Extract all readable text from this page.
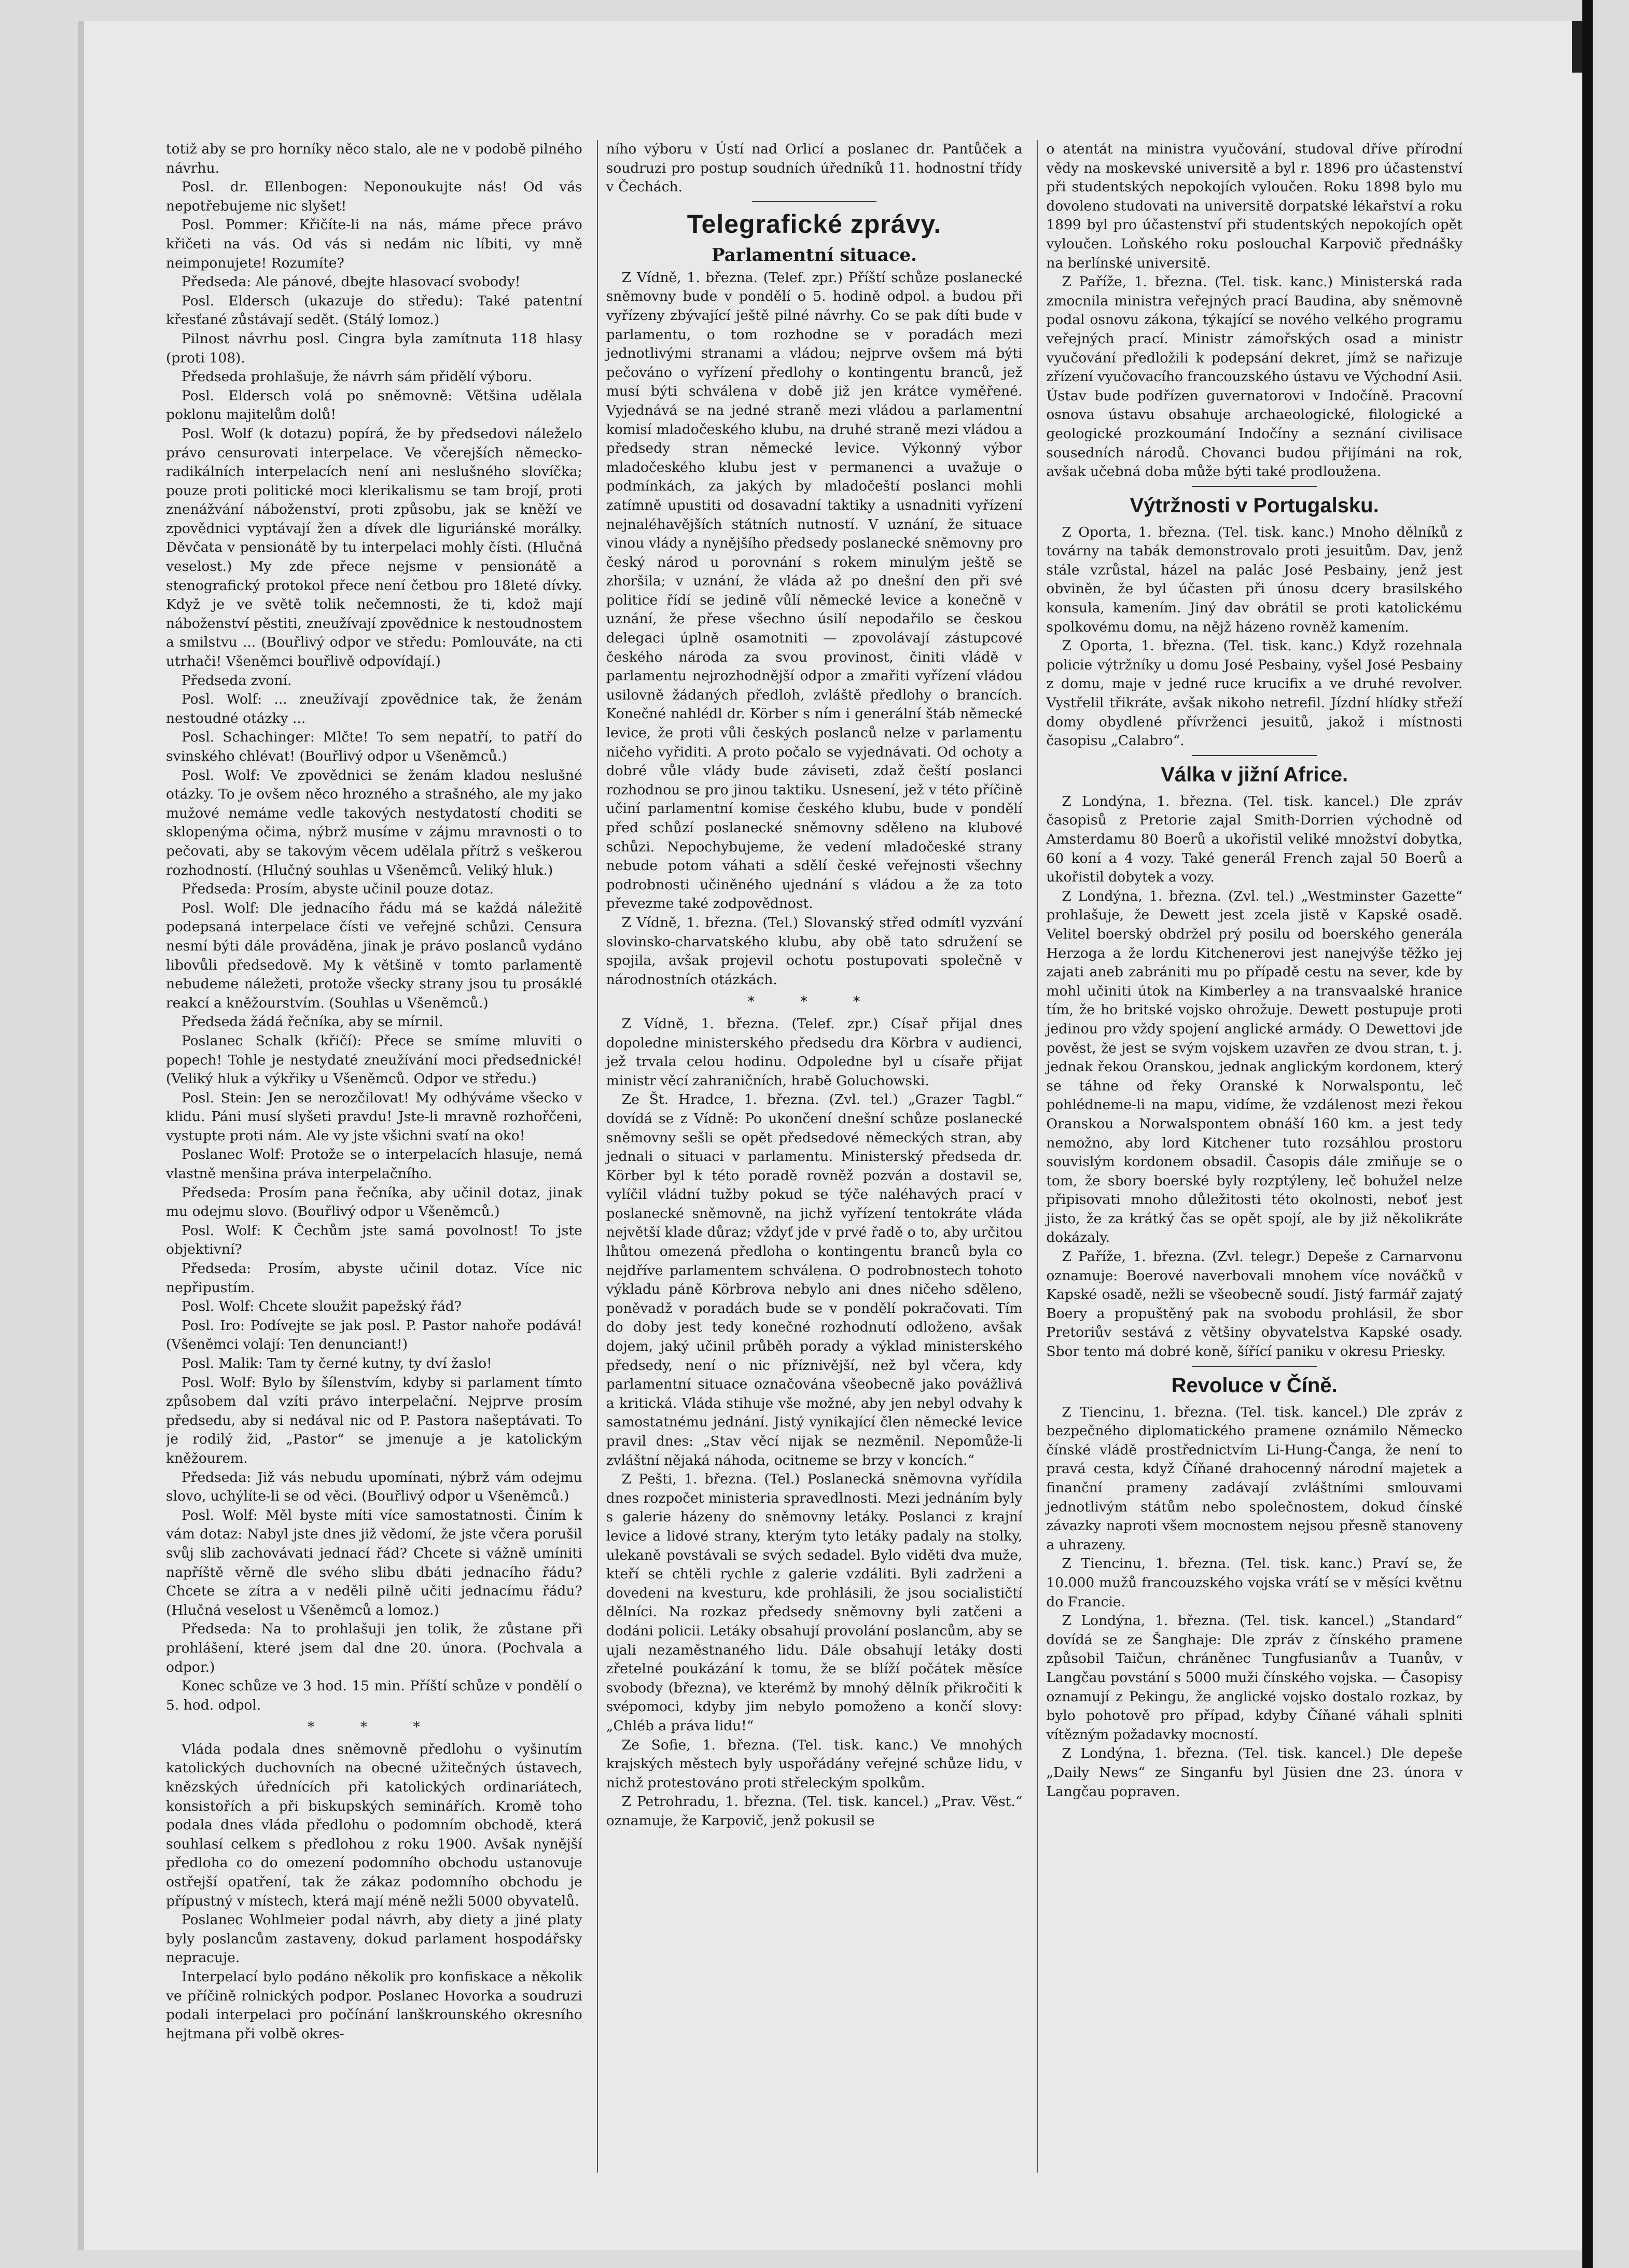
totiž aby se pro horníky něco stalo, ale ne v podobě pilného návrhu.

Posl. dr. Ellenbogen: Neponoukujte nás! Od vás nepotřebujeme nic slyšet!

Posl. Pommer: Křičíte-li na nás, máme přece právo křičeti na vás. Od vás si nedám nic líbiti, vy mně neimponujete! Rozumíte?

Předseda: Ale pánové, dbejte hlasovací svobody!

Posl. Eldersch (ukazuje do středu): Také patentní křesťané zůstávají sedět. (Stálý lomoz.)

Pilnost návrhu posl. Cingra byla zamítnuta 118 hlasy (proti 108).

Předseda prohlašuje, že návrh sám přidělí výboru.

Posl. Eldersch volá po sněmovně: Většina udělala poklonu majitelům dolů!

Posl. Wolf (k dotazu) popírá, že by předsedovi náleželo právo censurovati interpelace. Ve včerejších německo-radikálních interpelacích není ani neslušného slovíčka; pouze proti politické moci klerikalismu se tam brojí, proti znenážvání náboženství, proti způsobu, jak se kněží ve zpovědnici vyptávají žen a dívek dle liguriánské morálky. Děvčata v pensionátě by tu interpelaci mohly čísti. (Hlučná veselost.) My zde přece nejsme v pensionátě a stenografický protokol přece není četbou pro 18leté dívky. Když je ve světě tolik nečemnosti, že ti, kdož mají náboženství pěstiti, zneužívají zpovědnice k nestoudnostem a smilstvu ... (Bouřlivý odpor ve středu: Pomlouváte, na cti utrhači! Všeněmci bouřlivě odpovídají.)

Předseda zvoní.

Posl. Wolf: ... zneužívají zpovědnice tak, že ženám nestoudné otázky ...

Posl. Schachinger: Mlčte! To sem nepatří, to patří do svinského chlévat! (Bouřlivý odpor u Všeněmců.)

Posl. Wolf: Ve zpovědnici se ženám kladou neslušné otázky. To je ovšem něco hrozného a strašného, ale my jako mužové nemáme vedle takových nestydatostí choditi se sklopenýma očima, nýbrž musíme v zájmu mravnosti o to pečovati, aby se takovým věcem udělala přítrž s veškerou rozhodností. (Hlučný souhlas u Všeněmců. Veliký hluk.)

Předseda: Prosím, abyste učinil pouze dotaz.

Posl. Wolf: Dle jednacího řádu má se každá náležitě podepsaná interpelace čísti ve veřejné schůzi. Censura nesmí býti dále prováděna, jinak je právo poslanců vydáno libovůli předsedově. My k většině v tomto parlamentě nebudeme náležeti, protože všecky strany jsou tu prosáklé reakcí a kněžourstvím. (Souhlas u Všeněmců.)

Předseda žádá řečníka, aby se mírnil.

Poslanec Schalk (křičí): Přece se smíme mluviti o popech! Tohle je nestydaté zneužívání moci předsednické! (Veliký hluk a výkřiky u Všeněmců. Odpor ve středu.)

Posl. Stein: Jen se nerozčilovat! My odhýváme všecko v klidu. Páni musí slyšeti pravdu! Jste-li mravně rozhořčeni, vystupte proti nám. Ale vy jste všichni svatí na oko!

Poslanec Wolf: Protože se o interpelacích hlasuje, nemá vlastně menšina práva interpelačního.

Předseda: Prosím pana řečníka, aby učinil dotaz, jinak mu odejmu slovo. (Bouřlivý odpor u Všeněmců.)

Posl. Wolf: K Čechům jste samá povolnost! To jste objektivní?

Předseda: Prosím, abyste učinil dotaz. Více nic nepřipustím.

Posl. Wolf: Chcete sloužit papežský řád?

Posl. Iro: Podívejte se jak posl. P. Pastor nahoře podává! (Všeněmci volají: Ten denunciant!)

Posl. Malik: Tam ty černé kutny, ty dví žaslo!

Posl. Wolf: Bylo by šílenstvím, kdyby si parlament tímto způsobem dal vzíti právo interpelační. Nejprve prosím předsedu, aby si nedával nic od P. Pastora našeptávati. To je rodilý žid, „Pastor“ se jmenuje a je katolickým kněžourem.

Předseda: Již vás nebudu upomínati, nýbrž vám odejmu slovo, uchýlíte-li se od věci. (Bouřlivý odpor u Všeněmců.)

Posl. Wolf: Měl byste míti více samostatnosti. Činím k vám dotaz: Nabyl jste dnes již vědomí, že jste včera porušil svůj slib zachovávati jednací řád? Chcete si vážně umíniti napříště věrně dle svého slibu dbáti jednacího řádu? Chcete se zítra a v neděli pilně učiti jednacímu řádu? (Hlučná veselost u Všeněmců a lomoz.)

Předseda: Na to prohlašuji jen tolik, že zůstane při prohlášení, které jsem dal dne 20. února. (Pochvala a odpor.)

Konec schůze ve 3 hod. 15 min. Příští schůze v pondělí o 5. hod. odpol.

* * *

Vláda podala dnes sněmovně předlohu o vyšinutím katolických duchovních na obecné užitečných ústavech, knězských úřednících při katolických ordinariátech, konsistořích a při biskupských seminářích. Kromě toho podala dnes vláda předlohu o podomním obchodě, která souhlasí celkem s předlohou z roku 1900. Avšak nynější předloha co do omezení podomního obchodu ustanovuje ostřejší opatření, tak že zákaz podomního obchodu je přípustný v místech, která mají méně nežli 5000 obyvatelů.

Poslanec Wohlmeier podal návrh, aby diety a jiné platy byly poslancům zastaveny, dokud parlament hospodářsky nepracuje.

Interpelací bylo podáno několik pro konfiskace a několik ve příčině rolnických podpor. Poslanec Hovorka a soudruzi podali interpelaci pro počínání lanškrounského okresního hejtmana při volbě okres-

ního výboru v Ústí nad Orlicí a poslanec dr. Pantůček a soudruzi pro postup soudních úředníků 11. hodnostní třídy v Čechách.

Telegrafické zprávy.
Parlamentní situace.

Z Vídně, 1. března. (Telef. zpr.) Příští schůze poslanecké sněmovny bude v pondělí o 5. hodině odpol. a budou při vyřízeny zbývající ještě pilné návrhy. Co se pak díti bude v parlamentu, o tom rozhodne se v poradách mezi jednotlivými stranami a vládou; nejprve ovšem má býti pečováno o vyřízení předlohy o kontingentu branců, jež musí býti schválena v době již jen krátce vyměřené. Vyjednává se na jedné straně mezi vládou a parlamentní komisí mladočeského klubu, na druhé straně mezi vládou a předsedy stran německé levice. Výkonný výbor mladočeského klubu jest v permanenci a uvažuje o podmínkách, za jakých by mladočeští poslanci mohli zatímně upustiti od dosavadní taktiky a usnadniti vyřízení nejnaléhavějších státních nutností. V uznání, že situace vinou vlády a nynějšího předsedy poslanecké sněmovny pro český národ u porovnání s rokem minulým ještě se zhoršila; v uznání, že vláda až po dnešní den při své politice řídí se jedině vůlí německé levice a konečně v uznání, že přese všechno úsilí nepodařilo se českou delegaci úplně osamotniti — zpovolávají zástupcové českého národa za svou provinost, činiti vládě v parlamentu nejrozhodnější odpor a zmařiti vyřízení vládou usilovně žádaných předloh, zvláště předlohy o brancích. Konečné nahlédl dr. Körber s ním i generální štáb německé levice, že proti vůli českých poslanců nelze v parlamentu ničeho vyřiditi. A proto počalo se vyjednávati. Od ochoty a dobré vůle vlády bude záviseti, zdaž čeští poslanci rozhodnou se pro jinou taktiku. Usnesení, jež v této příčině učiní parlamentní komise českého klubu, bude v pondělí před schůzí poslanecké sněmovny sděleno na klubové schůzi. Nepochybujeme, že vedení mladočeské strany nebude potom váhati a sdělí české veřejnosti všechny podrobnosti učiněného ujednání s vládou a že za toto převezme také zodpovědnost.

Z Vídně, 1. března. (Tel.) Slovanský střed odmítl vyzvání slovinsko-charvatského klubu, aby obě tato sdružení se spojila, avšak projevil ochotu postupovati společně v národnostních otázkách.

* * *

Z Vídně, 1. března. (Telef. zpr.) Císař přijal dnes dopoledne ministerského předsedu dra Körbra v audienci, jež trvala celou hodinu. Odpoledne byl u císaře přijat ministr věcí zahraničních, hrabě Goluchowski.

Ze Št. Hradce, 1. března. (Zvl. tel.) „Grazer Tagbl.“ dovídá se z Vídně: Po ukončení dnešní schůze poslanecké sněmovny sešli se opět předsedové německých stran, aby jednali o situaci v parlamentu. Ministerský předseda dr. Körber byl k této poradě rovněž pozván a dostavil se, vylíčil vládní tužby pokud se týče naléhavých prací v poslanecké sněmovně, na jichž vyřízení tentokráte vláda největší klade důraz; vždyť jde v prvé řadě o to, aby určitou lhůtou omezená předloha o kontingentu branců byla co nejdříve parlamentem schválena. O podrobnostech tohoto výkladu páně Körbrova nebylo ani dnes ničeho sděleno, poněvadž v poradách bude se v pondělí pokračovati. Tím do doby jest tedy konečné rozhodnutí odloženo, avšak dojem, jaký učinil průběh porady a výklad ministerského předsedy, není o nic příznivější, než byl včera, kdy parlamentní situace označována všeobecně jako povážlivá a kritická. Vláda stihuje vše možné, aby jen nebyl odvahy k samostatnému jednání. Jistý vynikající člen německé levice pravil dnes: „Stav věcí nijak se nezměnil. Nepomůže-li zvláštní nějaká náhoda, ocitneme se brzy v koncích.“

Z Pešti, 1. března. (Tel.) Poslanecká sněmovna vyřídila dnes rozpočet ministeria spravedlnosti. Mezi jednáním byly s galerie házeny do sněmovny letáky. Poslanci z krajní levice a lidové strany, kterým tyto letáky padaly na stolky, ulekaně povstávali se svých sedadel. Bylo viděti dva muže, kteří se chtěli rychle z galerie vzdáliti. Byli zadrženi a dovedeni na kvesturu, kde prohlásili, že jsou socialističtí dělníci. Na rozkaz předsedy sněmovny byli zatčeni a dodáni policii. Letáky obsahují provolání poslancům, aby se ujali nezaměstnaného lidu. Dále obsahují letáky dosti zřetelné poukázání k tomu, že se blíží počátek měsíce svobody (března), ve kterémž by mnohý dělník přikročiti k svépomoci, kdyby jim nebylo pomoženo a končí slovy: „Chléb a práva lidu!“

Ze Sofie, 1. března. (Tel. tisk. kanc.) Ve mnohých krajských městech byly uspořádány veřejné schůze lidu, v nichž protestováno proti střeleckým spolkům.

Z Petrohradu, 1. března. (Tel. tisk. kancel.) „Prav. Věst.“ oznamuje, že Karpovič, jenž pokusil se

o atentát na ministra vyučování, studoval dříve přírodní vědy na moskevské universitě a byl r. 1896 pro účastenství při studentských nepokojích vyloučen. Roku 1898 bylo mu dovoleno studovati na universitě dorpatské lékařství a roku 1899 byl pro účastenství při studentských nepokojích opět vyloučen. Loňského roku poslouchal Karpovič přednášky na berlínské universitě.

Z Paříže, 1. března. (Tel. tisk. kanc.) Ministerská rada zmocnila ministra veřejných prací Baudina, aby sněmovně podal osnovu zákona, týkající se nového velkého programu veřejných prací. Ministr zámořských osad a ministr vyučování předložili k podepsání dekret, jímž se nařizuje zřízení vyučovacího francouzského ústavu ve Východní Asii. Ústav bude podřízen guvernatorovi v Indočíně. Pracovní osnova ústavu obsahuje archaeologické, filologické a geologické prozkoumání Indočíny a seznání civilisace sousedních národů. Chovanci budou přijímáni na rok, avšak učebná doba může býti také prodloužena.

Výtržnosti v Portugalsku.

Z Oporta, 1. března. (Tel. tisk. kanc.) Mnoho dělníků z továrny na tabák demonstrovalo proti jesuitům. Dav, jenž stále vzrůstal, házel na palác José Pesbainy, jenž jest obviněn, že byl účasten při únosu dcery brasilského konsula, kamením. Jiný dav obrátil se proti katolickému spolkovému domu, na nějž házeno rovněž kamením.

Z Oporta, 1. března. (Tel. tisk. kanc.) Když rozehnala policie výtržníky u domu José Pesbainy, vyšel José Pesbainy z domu, maje v jedné ruce krucifix a ve druhé revolver. Vystřelil třikráte, avšak nikoho netrefil. Jízdní hlídky střeží domy obydlené přívrženci jesuitů, jakož i místnosti časopisu „Calabro“.

Válka v jižní Africe.

Z Londýna, 1. března. (Tel. tisk. kancel.) Dle zpráv časopisů z Pretorie zajal Smith-Dorrien východně od Amsterdamu 80 Boerů a ukořistil veliké množství dobytka, 60 koní a 4 vozy. Také generál French zajal 50 Boerů a ukořistil dobytek a vozy.

Z Londýna, 1. března. (Zvl. tel.) „Westminster Gazette“ prohlašuje, že Dewett jest zcela jistě v Kapské osadě. Velitel boerský obdržel prý posilu od boerského generála Herzoga a že lordu Kitchenerovi jest nanejvýše těžko jej zajati aneb zabrániti mu po případě cestu na sever, kde by mohl učiniti útok na Kimberley a na transvaalské hranice tím, že ho britské vojsko ohrožuje. Dewett postupuje proti jedinou pro vždy spojení anglické armády. O Dewettovi jde pověst, že jest se svým vojskem uzavřen ze dvou stran, t. j. jednak řekou Oranskou, jednak anglickým kordonem, který se táhne od řeky Oranské k Norwalspontu, leč pohlédneme-li na mapu, vidíme, že vzdálenost mezi řekou Oranskou a Norwalspontem obnáší 160 km. a jest tedy nemožno, aby lord Kitchener tuto rozsáhlou prostoru souvislým kordonem obsadil. Časopis dále zmiňuje se o tom, že sbory boerské byly rozptýleny, leč bohužel nelze připisovati mnoho důležitosti této okolnosti, neboť jest jisto, že za krátký čas se opět spojí, ale by již několikráte dokázaly.

Z Paříže, 1. března. (Zvl. telegr.) Depeše z Carnarvonu oznamuje: Boerové naverbovali mnohem více nováčků v Kapské osadě, nežli se všeobecně soudí. Jistý farmář zajatý Boery a propuštěný pak na svobodu prohlásil, že sbor Pretoriův sestává z většiny obyvatelstva Kapské osady. Sbor tento má dobré koně, šířící paniku v okresu Priesky.

Revoluce v Číně.

Z Tiencinu, 1. března. (Tel. tisk. kancel.) Dle zpráv z bezpečného diplomatického pramene oznámilo Německo čínské vládě prostřednictvím Li-Hung-Čanga, že není to pravá cesta, když Číňané drahocenný národní majetek a finanční prameny zadávají zvláštními smlouvami jednotlivým státům nebo společnostem, dokud čínské závazky naproti všem mocnostem nejsou přesně stanoveny a uhrazeny.

Z Tiencinu, 1. března. (Tel. tisk. kanc.) Praví se, že 10.000 mužů francouzského vojska vrátí se v měsíci květnu do Francie.

Z Londýna, 1. března. (Tel. tisk. kancel.) „Standard“ dovídá se ze Šanghaje: Dle zpráv z čínského pramene způsobil Taičun, chráněnec Tungfusianův a Tuanův, v Langčau povstání s 5000 muži čínského vojska. — Časopisy oznamují z Pekingu, že anglické vojsko dostalo rozkaz, by bylo pohotově pro případ, kdyby Číňané váhali splniti vítězným požadavky mocností.

Z Londýna, 1. března. (Tel. tisk. kancel.) Dle depeše „Daily News“ ze Singanfu byl Jüsien dne 23. února v Langčau popraven.
